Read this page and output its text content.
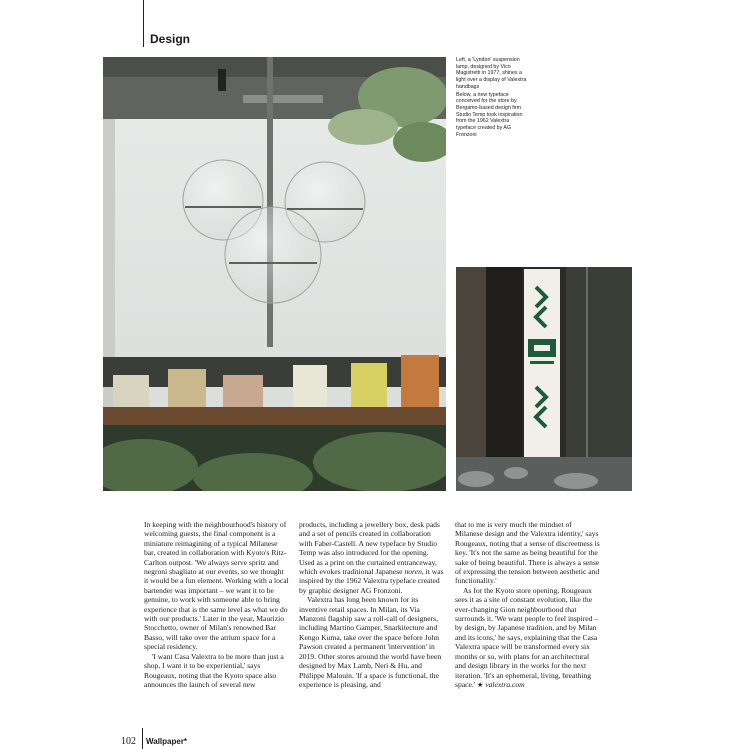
Design

Left, a 'Lyndon' suspension lamp, designed by Vico Magistretti in 1977, shines a light over a display of Valextra handbags

Below, a new typeface conceived for the store by Bergamo-based design firm Studio Temp took inspiration from the 1962 Valextra typeface created by AG Fronzoni

In keeping with the neighbourhood's history of welcoming guests, the final component is a miniature reimagining of a typical Milanese bar, created in collaboration with Kyoto's Ritz-Carlton outpost. 'We always serve spritz and negroni sbagliato at our events, so we thought it would be a fun element. Working with a local bartender was important – we want it to be genuine, to work with someone able to bring experience that is the same level as what we do with our products.' Later in the year, Maurizio Stocchetto, owner of Milan's renowned Bar Basso, will take over the atrium space for a special residency.

'I want Casa Valextra to be more than just a shop, I want it to be experiential,' says Rougeaux, noting that the Kyoto space also announces the launch of several new

products, including a jewellery box, desk pads and a set of pencils created in collaboration with Faber-Castell. A new typeface by Studio Temp was also introduced for the opening. Used as a print on the curtained entranceway, which evokes traditional Japanese noren, it was inspired by the 1962 Valextra typeface created by graphic designer AG Fronzoni.

Valextra has long been known for its inventive retail spaces. In Milan, its Via Manzoni flagship saw a roll-call of designers, including Martino Gamper, Snarkitecture and Kengo Kuma, take over the space before John Pawson created a permanent 'intervention' in 2019. Other stores around the world have been designed by Max Lamb, Neri & Hu, and Philippe Malouin. 'If a space is functional, the experience is pleasing, and

that to me is very much the mindset of Milanese design and the Valextra identity,' says Rougeaux, noting that a sense of discreetness is key. 'It's not the same as being beautiful for the sake of being beautiful. There is always a sense of expressing the tension between aesthetic and functionality.'

As for the Kyoto store opening, Rougeaux sees it as a site of constant evolution, like the ever-changing Gion neighbourhood that surrounds it. 'We want people to feel inspired – by design, by Japanese tradition, and by Milan and its icons,' he says, explaining that the Casa Valextra space will be transformed every six months or so, with plans for an architectural and design library in the works for the next iteration. 'It's an ephemeral, living, breathing space.' ★ valextra.com

102 Wallpaper*
